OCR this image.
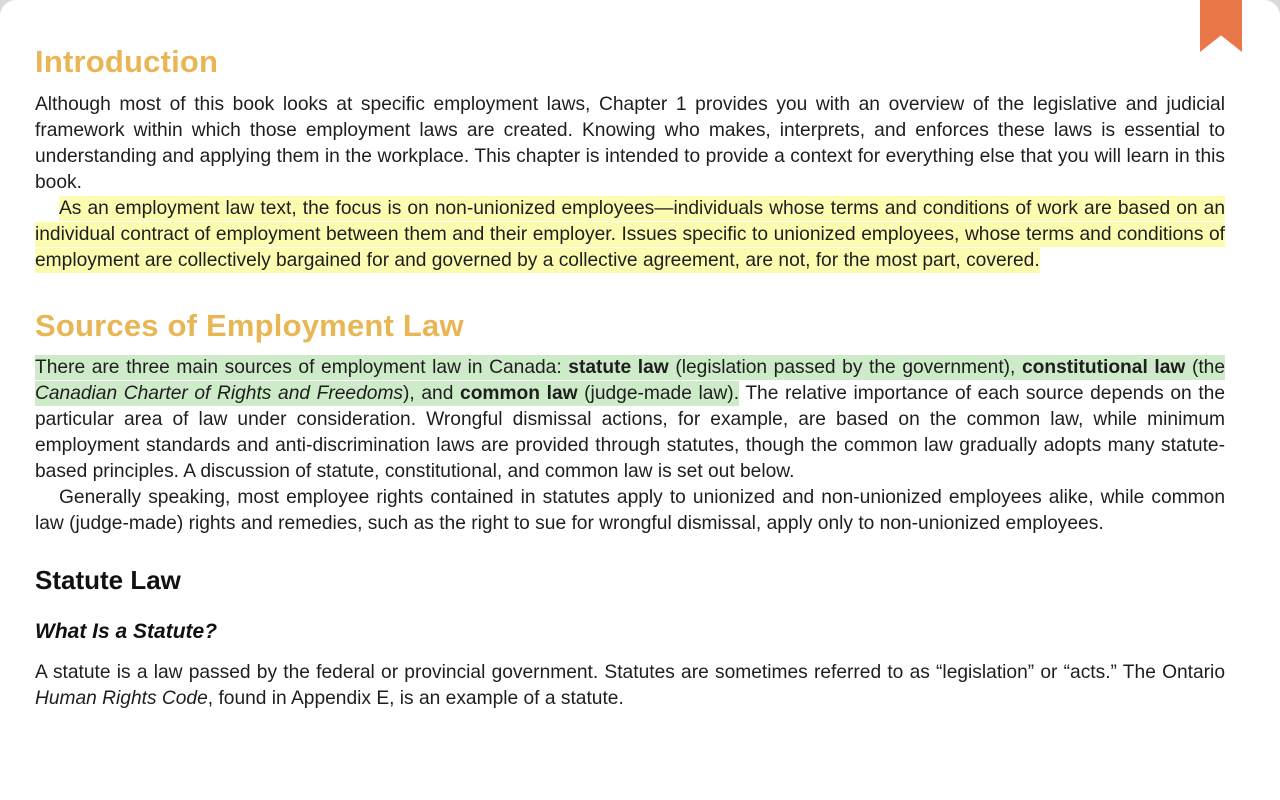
Introduction

Although most of this book looks at specific employment laws, Chapter 1 provides you with an overview of the legislative and judicial framework within which those employment laws are created. Knowing who makes, interprets, and enforces these laws is essential to understanding and applying them in the workplace. This chapter is intended to provide a context for everything else that you will learn in this book.

As an employment law text, the focus is on non-unionized employees—individuals whose terms and conditions of work are based on an individual contract of employment between them and their employer. Issues specific to unionized employees, whose terms and conditions of employment are collectively bargained for and governed by a collective agreement, are not, for the most part, covered.

Sources of Employment Law

There are three main sources of employment law in Canada: statute law (legislation passed by the government), constitutional law (the Canadian Charter of Rights and Freedoms), and common law (judge-made law). The relative importance of each source depends on the particular area of law under consideration. Wrongful dismissal actions, for example, are based on the common law, while minimum employment standards and anti-discrimination laws are provided through statutes, though the common law gradually adopts many statute-based principles. A discussion of statute, constitutional, and common law is set out below.

Generally speaking, most employee rights contained in statutes apply to unionized and non-unionized employees alike, while common law (judge-made) rights and remedies, such as the right to sue for wrongful dismissal, apply only to non-unionized employees.

Statute Law
What Is a Statute?

A statute is a law passed by the federal or provincial government. Statutes are sometimes referred to as “legislation” or “acts.” The Ontario Human Rights Code, found in Appendix E, is an example of a statute.
